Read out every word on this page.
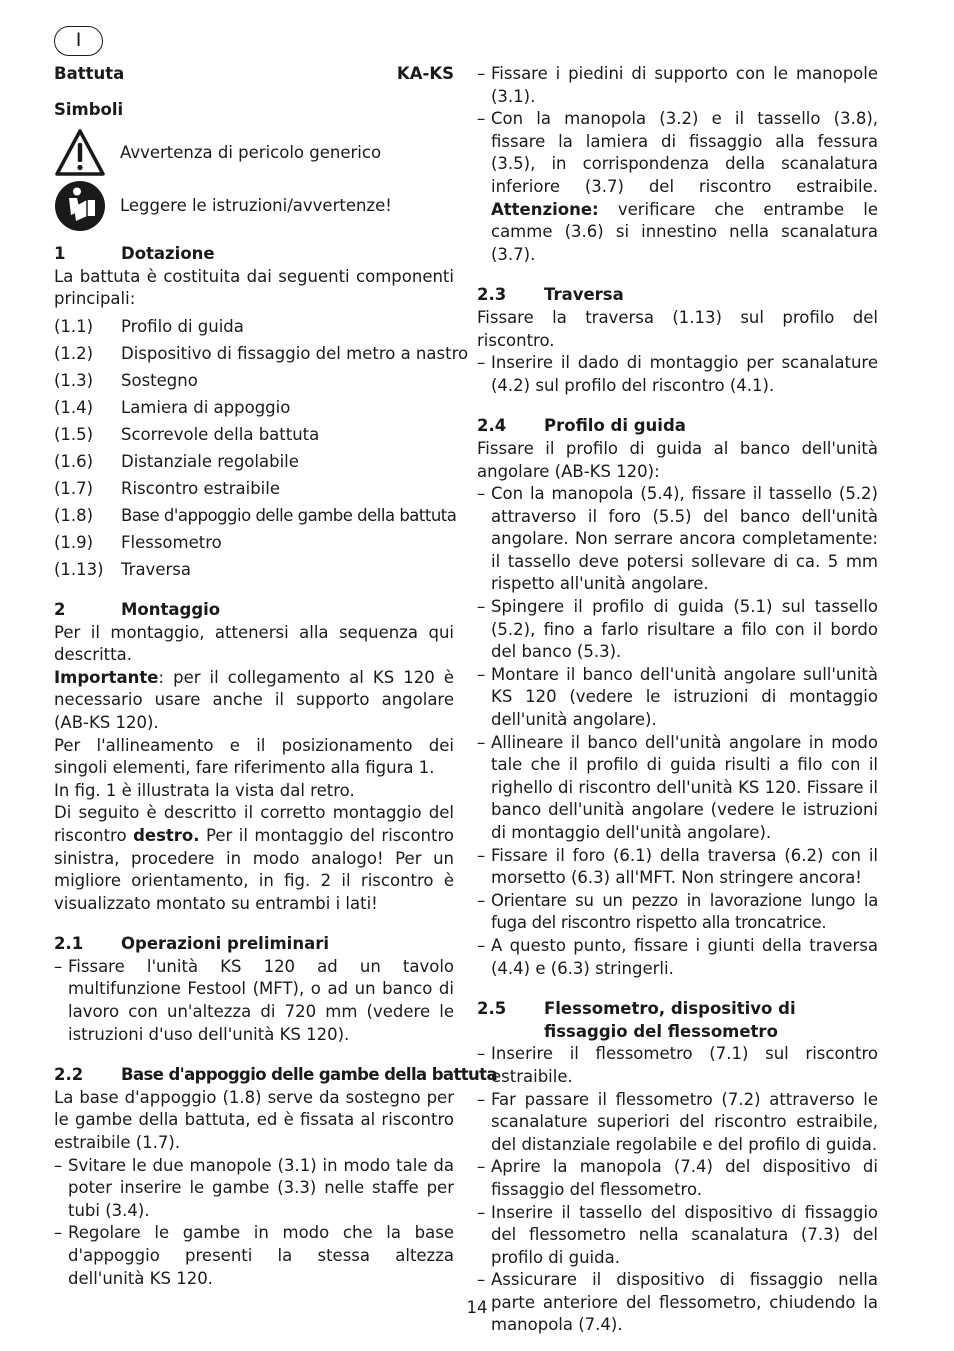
I
Battuta	KA-KS
Simboli
Avvertenza di pericolo generico
Leggere le istruzioni/avvertenze!
1	Dotazione

La battuta è costituita dai seguenti componenti principali:

(1.1)	Profilo di guida
(1.2)	Dispositivo di fissaggio del metro a nastro
(1.3)	Sostegno
(1.4)	Lamiera di appoggio
(1.5)	Scorrevole della battuta
(1.6)	Distanziale regolabile
(1.7)	Riscontro estraibile
(1.8)	Base d'appoggio delle gambe della battuta
(1.9)	Flessometro
(1.13)	Traversa
2	Montaggio

Per il montaggio, attenersi alla sequenza qui descritta.

Importante: per il collegamento al KS 120 è necessario usare anche il supporto angolare (AB-KS 120).

Per l'allineamento e il posizionamento dei singoli elementi, fare riferimento alla figura 1.

In fig. 1 è illustrata la vista dal retro.

Di seguito è descritto il corretto montaggio del riscontro destro. Per il montaggio del riscontro sinistra, procedere in modo analogo! Per un migliore orientamento, in fig. 2 il riscontro è visualizzato montato su entrambi i lati!

2.1	Operazioni preliminari
– Fissare l'unità KS 120 ad un tavolo multifunzione Festool (MFT), o ad un banco di lavoro con un'altezza di 720 mm (vedere le istruzioni d'uso dell'unità KS 120).
2.2	Base d'appoggio delle gambe della battuta

La base d'appoggio (1.8) serve da sostegno per le gambe della battuta, ed è fissata al riscontro estraibile (1.7).

– Svitare le due manopole (3.1) in modo tale da poter inserire le gambe (3.3) nelle staffe per tubi (3.4).
– Regolare le gambe in modo che la base d'appoggio presenti la stessa altezza dell'unità KS 120.
– Fissare i piedini di supporto con le manopole (3.1).
– Con la manopola (3.2) e il tassello (3.8), fissare la lamiera di fissaggio alla fessura (3.5), in corrispondenza della scanalatura inferiore (3.7) del riscontro estraibile. Attenzione: verificare che entrambe le camme (3.6) si innestino nella scanalatura (3.7).
2.3	Traversa

Fissare la traversa (1.13) sul profilo del riscontro.

– Inserire il dado di montaggio per scanalature (4.2) sul profilo del riscontro (4.1).
2.4	Profilo di guida

Fissare il profilo di guida al banco dell'unità angolare (AB-KS 120):

– Con la manopola (5.4), fissare il tassello (5.2) attraverso il foro (5.5) del banco dell'unità angolare. Non serrare ancora completamente: il tassello deve potersi sollevare di ca. 5 mm rispetto all'unità angolare.
– Spingere il profilo di guida (5.1) sul tassello (5.2), fino a farlo risultare a filo con il bordo del banco (5.3).
– Montare il banco dell'unità angolare sull'unità KS 120 (vedere le istruzioni di montaggio dell'unità angolare).
– Allineare il banco dell'unità angolare in modo tale che il profilo di guida risulti a filo con il righello di riscontro dell'unità KS 120. Fissare il banco dell'unità angolare (vedere le istruzioni di montaggio dell'unità angolare).
– Fissare il foro (6.1) della traversa (6.2) con il morsetto (6.3) all'MFT. Non stringere ancora!
– Orientare su un pezzo in lavorazione lungo la fuga del riscontro rispetto alla troncatrice.
– A questo punto, fissare i giunti della traversa (4.4) e (6.3) stringerli.
2.5	Flessometro, dispositivo di fissaggio del flessometro
– Inserire il flessometro (7.1) sul riscontro estraibile.
– Far passare il flessometro (7.2) attraverso le scanalature superiori del riscontro estraibile, del distanziale regolabile e del profilo di guida.
– Aprire la manopola (7.4) del dispositivo di fissaggio del flessometro.
– Inserire il tassello del dispositivo di fissaggio del flessometro nella scanalatura (7.3) del profilo di guida.
– Assicurare il dispositivo di fissaggio nella parte anteriore del flessometro, chiudendo la manopola (7.4).
14
